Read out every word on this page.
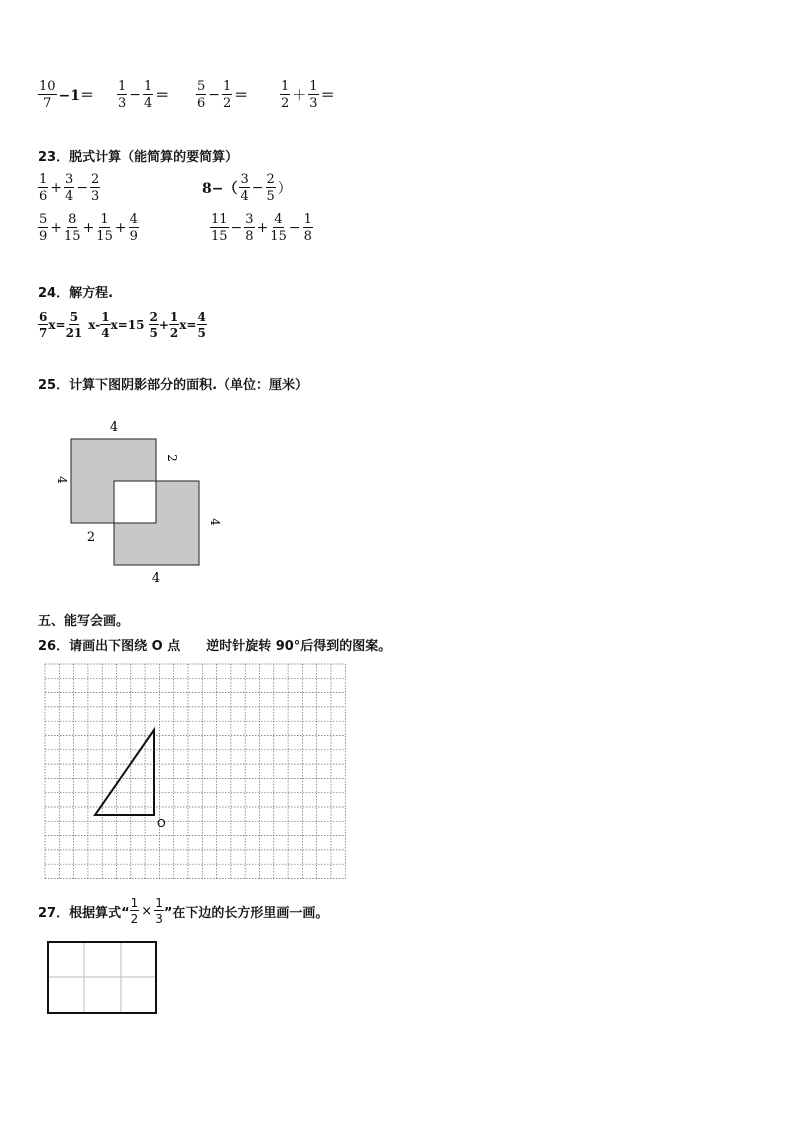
$\frac{10}{7} -1= \frac{1}{3} - \frac{1}{4} = \frac{5}{6} - \frac{1}{2} = \frac{1}{2} + \frac{1}{3}$ ＝
23．脱式计算（能简算的要简算）
$\frac{1}{6} + \frac{3}{4} - \frac{2}{3}$	$8-( \frac{3}{4} - \frac{2}{5}$ ）
$\frac{5}{9} + \frac{8}{15} + \frac{1}{15} + \frac{4}{9}$	$\frac{11}{15} - \frac{3}{8} + \frac{4}{15} - \frac{1}{8}$
24．解方程.
$\frac{6}{7} x= \frac{5}{21} x- \frac{1}{4} x=15 \frac{2}{5} + \frac{1}{2} x= \frac{4}{5}$
25．计算下图阴影部分的面积.（单位：厘米）
4
2
4
4
2
4
五、能写会画。
26．请画出下图绕 O 点　　逆时针旋转 90°后得到的图案。
O
27．根据算式“ $\frac{1}{2} \times \frac{1}{3}$ ”在下边的长方形里画一画。
